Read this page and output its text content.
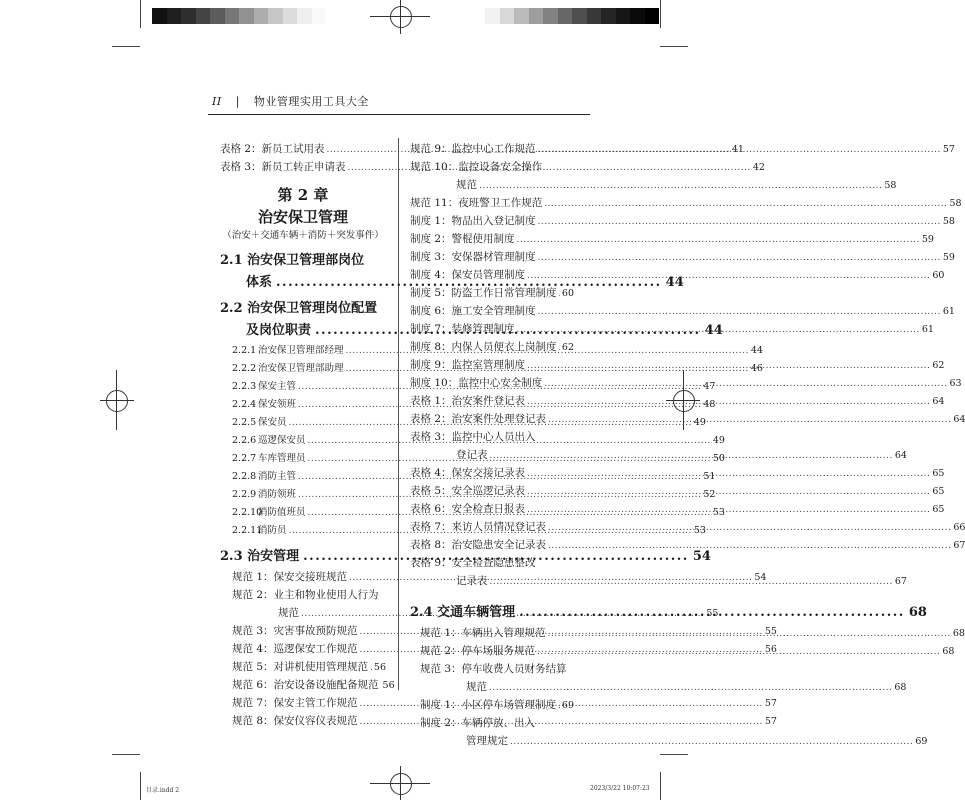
II | 物业管理实用工具大全
表格 2：新员工试用表 .....	41
表格 3：新员工转正申请表 .....	42
第 2 章
治安保卫管理
（治安＋交通车辆＋消防＋突发事件）
2.1 治安保卫管理部岗位
体系 .....	44
2.2 治安保卫管理岗位配置
及岗位职责 .....	44
2.2.1 治安保卫管理部经理 .....	44
2.2.2 治安保卫管理部助理 .....	46
2.2.3 保安主管 .....	47
2.2.4 保安领班 .....	48
2.2.5 保安员 .....	49
2.2.6 巡逻保安员 .....	49
2.2.7 车库管理员 .....	50
2.2.8 消防主管 .....	51
2.2.9 消防领班 .....	52
2.2.10
消防值班员 .....	53
2.2.11
消防员 .....	53
2.3 治安管理 .....	54
规范 1：保安交接班规范 .....	54
规范 2：业主和物业使用人行为
规范 .....	55
规范 3：灾害事故预防规范 .....	55
规范 4：巡逻保安工作规范 .....	56
规范 5：对讲机使用管理规范 ..... 56
规范 6：治安设备设施配备规范 56
规范 7：保安主管工作规范 .....	57
规范 8：保安仪容仪表规范 .....	57
规范 9：监控中心工作规范 .....	57
规范 10：监控设备安全操作
规范 .....	58
规范 11：夜班警卫工作规范 .....	58
制度 1：物品出入登记制度 .....	58
制度 2：警棍使用制度 .....	59
制度 3：安保器材管理制度 .....	59
制度 4：保安员管理制度 .....	60
制度 5：防盗工作日常管理制度 ..... 60
制度 6：施工安全管理制度 .....	61
制度 7：装修管理制度 .....	61
制度 8：内保人员便衣上岗制度 ..... 62
制度 9：监控室管理制度 .....	62
制度 10：监控中心安全制度 .....	63
表格 1：治安案件登记表 .....	64
表格 2：治安案件处理登记表 .....	64
表格 3：监控中心人员出入
登记表 .....	64
表格 4：保安交接记录表 .....	65
表格 5：安全巡逻记录表 .....	65
表格 6：安全检查日报表 .....	65
表格 7：来访人员情况登记表 .....	66
表格 8：治安隐患安全记录表 .....	67
表格 9：安全检查隐患整改
记录表 .....	67
2.4 交通车辆管理 .....	68
规范 1：车辆出入管理规范 .....	68
规范 2：停车场服务规范 .....	68
规范 3：停车收费人员财务结算
规范 .....	68
制度 1：小区停车场管理制度 ..... 69
制度 2：车辆停放、出入
管理规定 .....	69
目录.indd 2	2023/3/22 10:07:23
